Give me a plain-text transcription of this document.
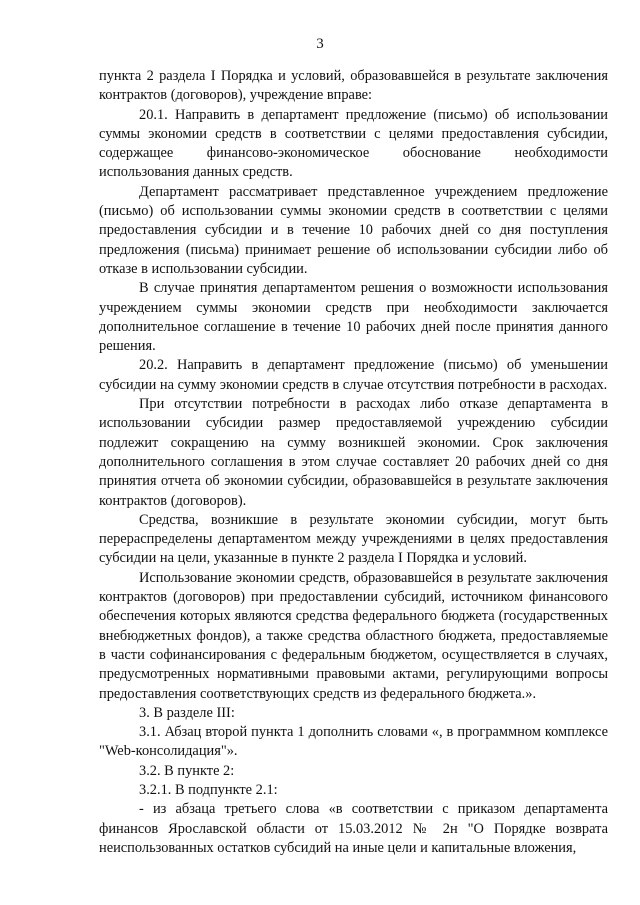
3

пункта 2 раздела I Порядка и условий, образовавшейся в результате заключения контрактов (договоров), учреждение вправе:

20.1. Направить в департамент предложение (письмо) об использовании суммы экономии средств в соответствии с целями предоставления субсидии, содержащее финансово-экономическое обоснование необходимости использования данных средств.

Департамент рассматривает представленное учреждением предложение (письмо) об использовании суммы экономии средств в соответствии с целями предоставления субсидии и в течение 10 рабочих дней со дня поступления предложения (письма) принимает решение об использовании субсидии либо об отказе в использовании субсидии.

В случае принятия департаментом решения о возможности использования учреждением суммы экономии средств при необходимости заключается дополнительное соглашение в течение 10 рабочих дней после принятия данного решения.

20.2. Направить в департамент предложение (письмо) об уменьшении субсидии на сумму экономии средств в случае отсутствия потребности в расходах.

При отсутствии потребности в расходах либо отказе департамента в использовании субсидии размер предоставляемой учреждению субсидии подлежит сокращению на сумму возникшей экономии. Срок заключения дополнительного соглашения в этом случае составляет 20 рабочих дней со дня принятия отчета об экономии субсидии, образовавшейся в результате заключения контрактов (договоров).

Средства, возникшие в результате экономии субсидии, могут быть перераспределены департаментом между учреждениями в целях предоставления субсидии на цели, указанные в пункте 2 раздела I Порядка и условий.

Использование экономии средств, образовавшейся в результате заключения контрактов (договоров) при предоставлении субсидий, источником финансового обеспечения которых являются средства федерального бюджета (государственных внебюджетных фондов), а также средства областного бюджета, предоставляемые в части софинансирования с федеральным бюджетом, осуществляется в случаях, предусмотренных нормативными правовыми актами, регулирующими вопросы предоставления соответствующих средств из федерального бюджета.».

3. В разделе III:

3.1. Абзац второй пункта 1 дополнить словами «, в программном комплексе "Web-консолидация"».

3.2. В пункте 2:

3.2.1. В подпункте 2.1:

- из абзаца третьего слова «в соответствии с приказом департамента финансов Ярославской области от 15.03.2012 № 2н "О Порядке возврата неиспользованных остатков субсидий на иные цели и капитальные вложения,
